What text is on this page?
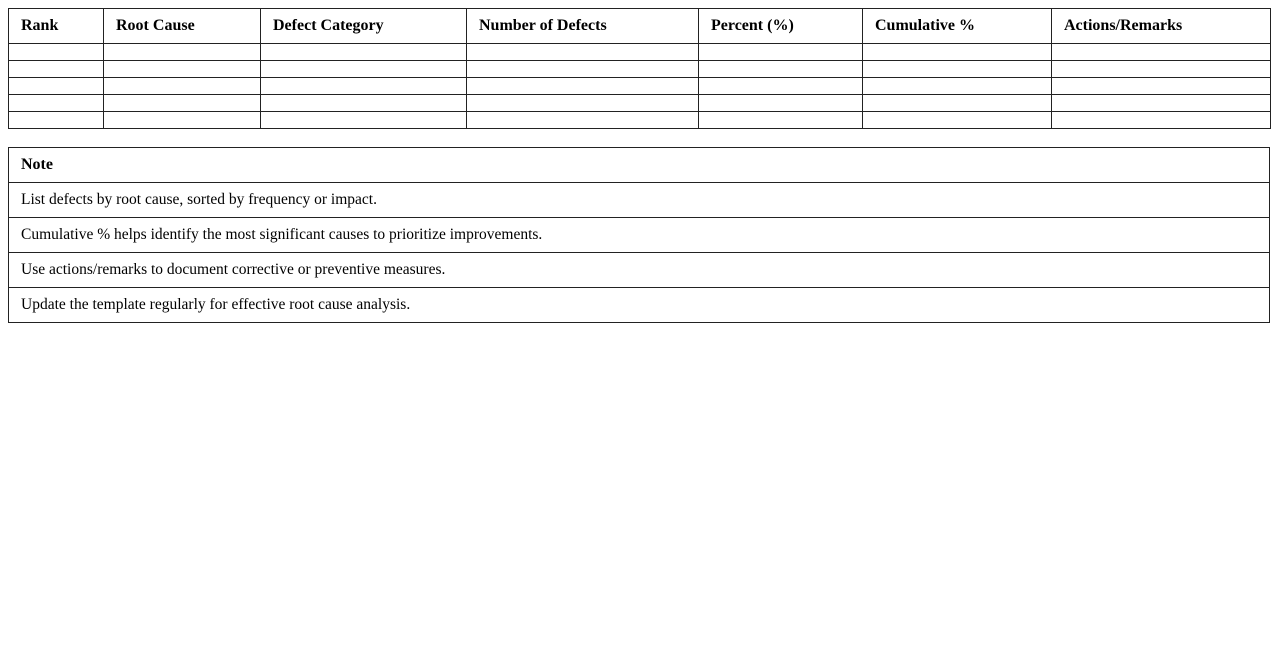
Rank	Root Cause	Defect Category	Number of Defects	Percent (%)	Cumulative %	Actions/Remarks

Note
List defects by root cause, sorted by frequency or impact.
Cumulative % helps identify the most significant causes to prioritize improvements.
Use actions/remarks to document corrective or preventive measures.
Update the template regularly for effective root cause analysis.
